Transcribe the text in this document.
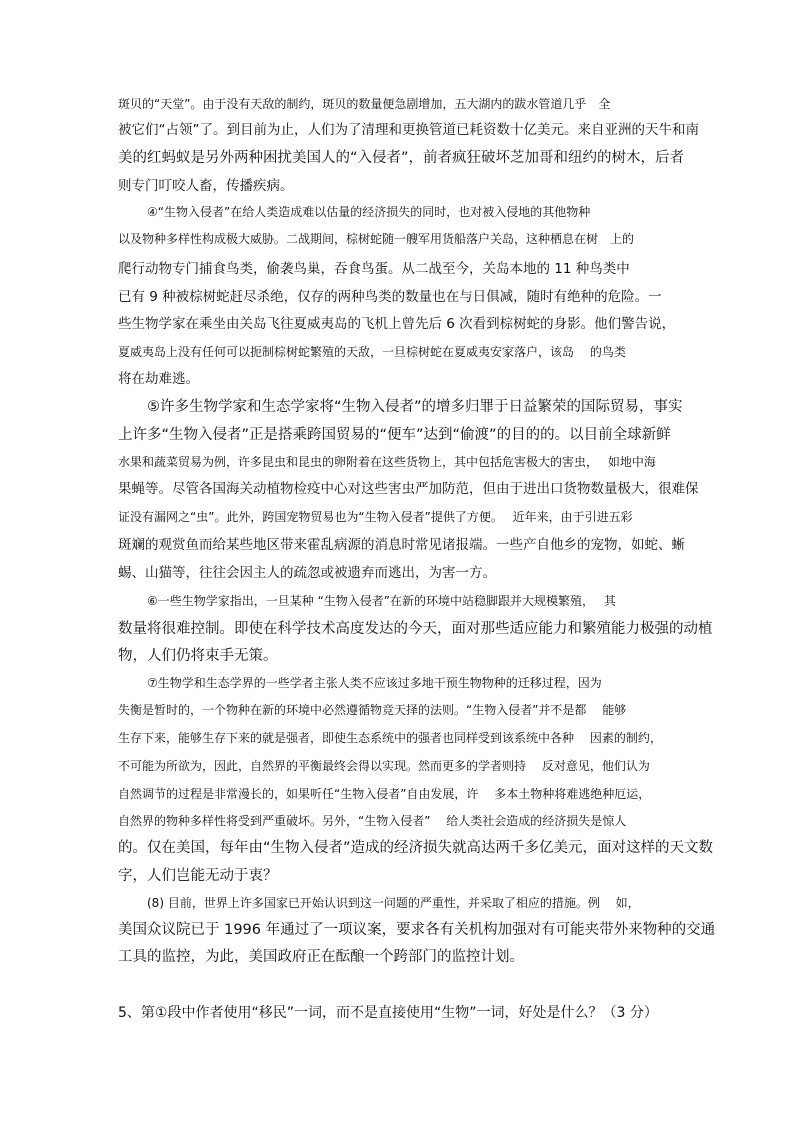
斑贝的“天堂”。由于没有天敌的制约，斑贝的数量便急剧增加，五大湖内的跋水管道几乎　全
被它们“占领”了。到目前为止，人们为了清理和更换管道已耗资数十亿美元。来自亚洲的天牛和南
美的红蚂蚁是另外两种困扰美国人的“入侵者”，前者疯狂破坏芝加哥和纽约的树木，后者
则专门叮咬人畜，传播疾病。
④“生物入侵者”在给人类造成难以估量的经济损失的同时，也对被入侵地的其他物种
以及物种多样性构成极大威胁。二战期间，棕树蛇随一艘军用货船落户关岛，这种栖息在树　上的
爬行动物专门捕食鸟类，偷袭鸟巢，吞食鸟蛋。从二战至今，关岛本地的 11 种鸟类中
已有 9 种被棕树蛇赶尽杀绝，仅存的两种鸟类的数量也在与日俱减，随时有绝种的危险。一
些生物学家在乘坐由关岛飞往夏威夷岛的飞机上曾先后 6 次看到棕树蛇的身影。他们警告说，
夏威夷岛上没有任何可以扼制棕树蛇繁殖的天敌，一旦棕树蛇在夏威夷安家落户，该岛　 的鸟类
将在劫难逃。
⑤许多生物学家和生态学家将“生物入侵者”的增多归罪于日益繁荣的国际贸易，事实
上许多“生物入侵者”正是搭乘跨国贸易的“便车”达到“偷渡”的目的的。以目前全球新鲜
水果和蔬菜贸易为例，许多昆虫和昆虫的卵附着在这些货物上，其中包括危害极大的害虫，　 如地中海
果蝇等。尽管各国海关动植物检疫中心对这些害虫严加防范，但由于进出口货物数量极大，很难保
证没有漏网之“虫”。此外，跨国宠物贸易也为“生物入侵者”提供了方便。　 近年来，由于引进五彩
斑斓的观赏鱼而给某些地区带来霍乱病源的消息时常见诸报端。一些产自他乡的宠物，如蛇、蜥
蜴、山猫等，往往会因主人的疏忽或被遗弃而逃出，为害一方。
⑥一些生物学家指出，一旦某种 “生物入侵者”在新的环境中站稳脚跟并大规模繁殖，　 其
数量将很难控制。即使在科学技术高度发达的今天，面对那些适应能力和繁殖能力极强的动植
物，人们仍将束手无策。
⑦生物学和生态学界的一些学者主张人类不应该过多地干预生物物种的迁移过程，因为
失衡是暂时的，一个物种在新的环境中必然遵循物竞天择的法则。“生物入侵者”并不是都　 能够
生存下来，能够生存下来的就是强者，即使生态系统中的强者也同样受到该系统中各种　 因素的制约，
不可能为所欲为，因此，自然界的平衡最终会得以实现。然而更多的学者则持　 反对意见，他们认为
自然调节的过程是非常漫长的，如果听任“生物入侵者”自由发展，许　 多本土物种将难逃绝种厄运，
自然界的物种多样性将受到严重破坏。另外，“生物入侵者”　 给人类社会造成的经济损失是惊人
的。仅在美国，每年由“生物入侵者”造成的经济损失就高达两千多亿美元，面对这样的天文数
字，人们岂能无动于衷？
(8) 目前，世界上许多国家已开始认识到这一问题的严重性，并采取了相应的措施。例　 如，
美国众议院已于 1996 年通过了一项议案，要求各有关机构加强对有可能夹带外来物种的交通
工具的监控，为此，美国政府正在酝酿一个跨部门的监控计划。
5、第①段中作者使用“移民”一词，而不是直接使用“生物”一词，好处是什么？（3 分）
